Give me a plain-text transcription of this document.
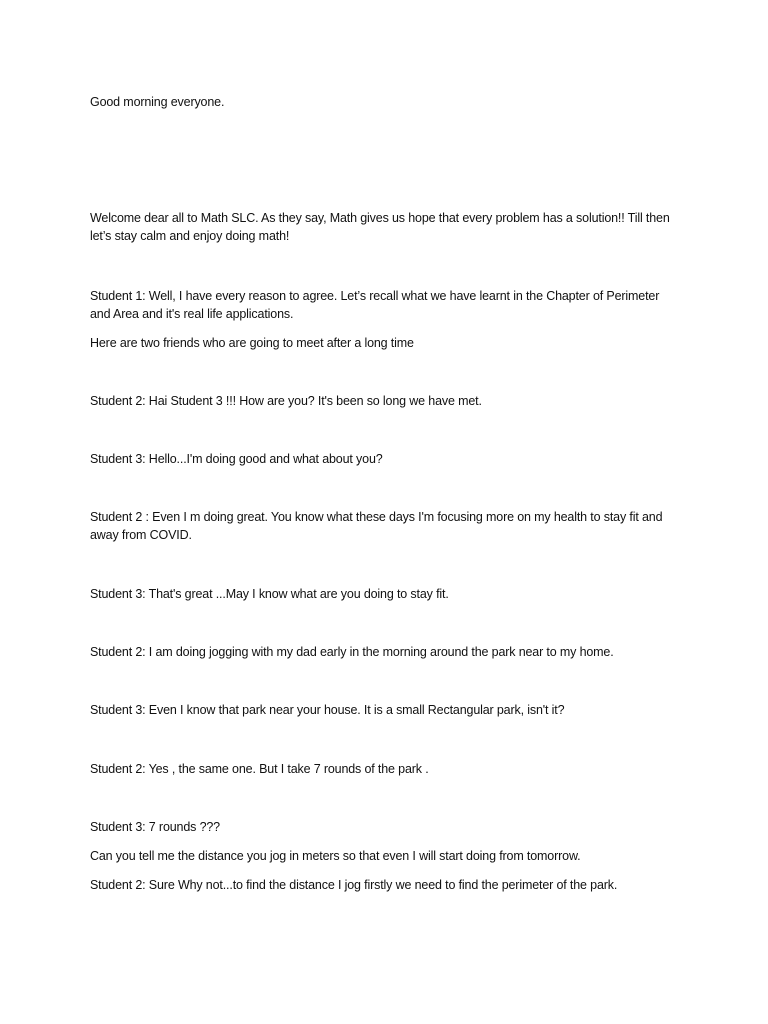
Good morning everyone.

Welcome dear all to Math SLC. As they say, Math gives us hope that every problem has a solution!! Till then let’s stay calm and enjoy doing math!

Student 1: Well, I have every reason to agree. Let’s recall what we have learnt in the Chapter of Perimeter and Area and it's real life applications.

Here are two friends who are going to meet after a long time

Student 2: Hai Student 3 !!! How are you? It's been so long we have met.

Student 3: Hello...I'm doing good and what about you?

Student 2 : Even I m doing great. You know what these days I'm focusing more on my health to stay fit and away from COVID.

Student 3: That's great ...May I know what are you doing to stay fit.

Student 2: I am doing jogging with my dad early in the morning around the park near to my home.

Student 3: Even I know that park near your house. It is a small Rectangular park, isn't it?

Student 2: Yes , the same one. But I take 7 rounds of the park .

Student 3: 7 rounds ???

Can you tell me the distance you jog in meters so that even I will start doing from tomorrow.

Student 2: Sure Why not...to find the distance I jog firstly we need to find the perimeter of the park.
